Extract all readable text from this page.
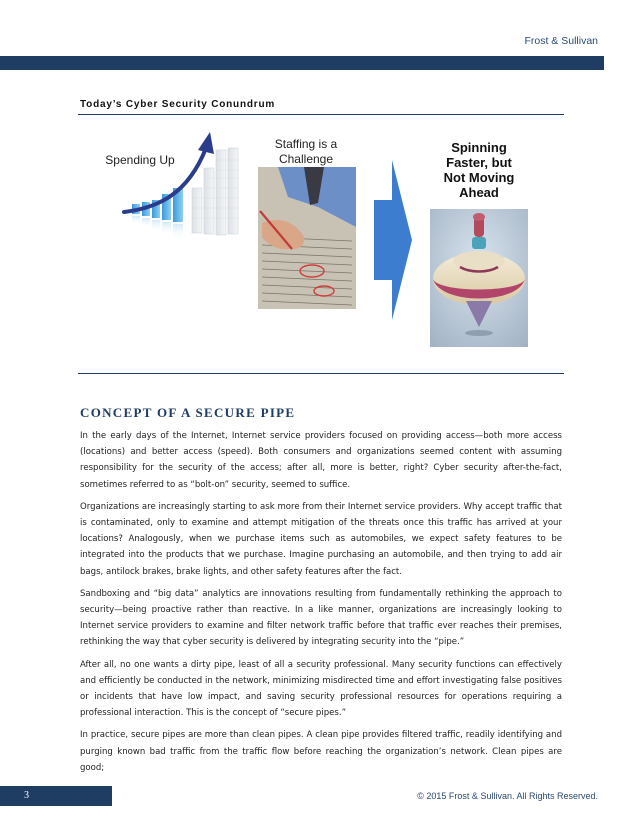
Frost & Sullivan
Today’s Cyber Security Conundrum
Spending Up
Staffing is a Challenge
Spinning
Faster, but
Not Moving
Ahead
CONCEPT OF A SECURE PIPE

In the early days of the Internet, Internet service providers focused on providing access—both more access (locations) and better access (speed). Both consumers and organizations seemed content with assuming responsibility for the security of the access; after all, more is better, right? Cyber security after-the-fact, sometimes referred to as “bolt-on” security, seemed to suffice.

Organizations are increasingly starting to ask more from their Internet service providers. Why accept traffic that is contaminated, only to examine and attempt mitigation of the threats once this traffic has arrived at your locations? Analogously, when we purchase items such as automobiles, we expect safety features to be integrated into the products that we purchase. Imagine purchasing an automobile, and then trying to add air bags, antilock brakes, brake lights, and other safety features after the fact.

Sandboxing and “big data” analytics are innovations resulting from fundamentally rethinking the approach to security—being proactive rather than reactive. In a like manner, organizations are increasingly looking to Internet service providers to examine and filter network traffic before that traffic ever reaches their premises, rethinking the way that cyber security is delivered by integrating security into the “pipe.”

After all, no one wants a dirty pipe, least of all a security professional. Many security functions can effectively and efficiently be conducted in the network, minimizing misdirected time and effort investigating false positives or incidents that have low impact, and saving security professional resources for operations requiring a professional interaction. This is the concept of “secure pipes.”

In practice, secure pipes are more than clean pipes. A clean pipe provides filtered traffic, readily identifying and purging known bad traffic from the traffic flow before reaching the organization’s network. Clean pipes are good;

3	© 2015 Frost & Sullivan. All Rights Reserved.
